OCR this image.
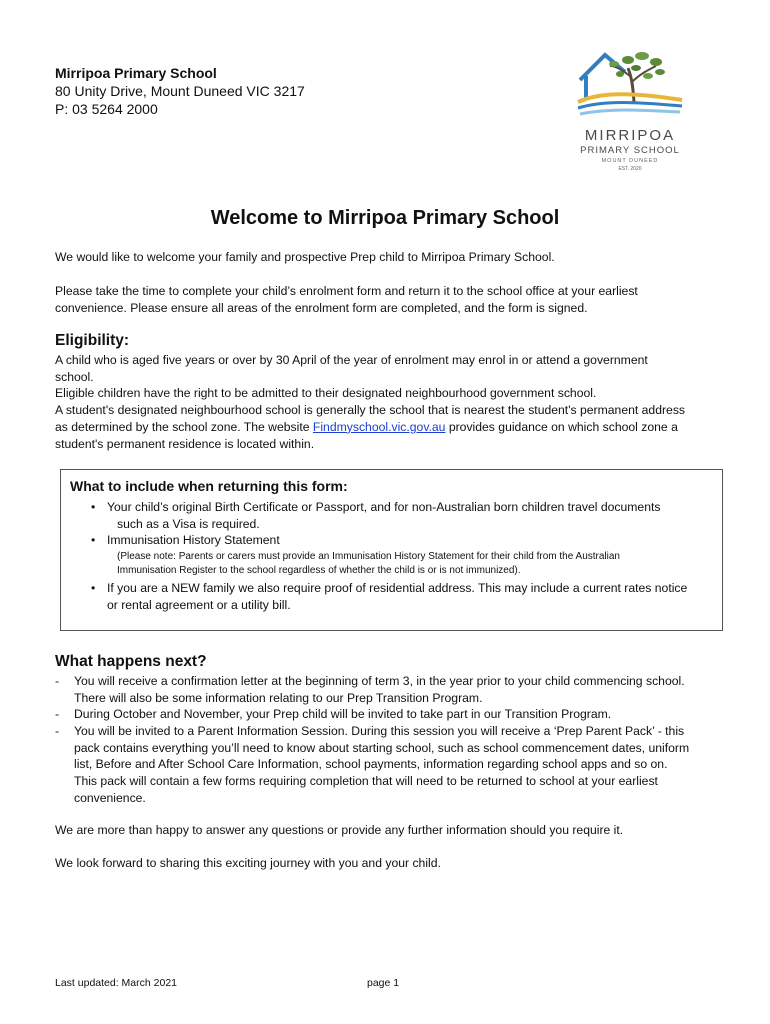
Mirripoa Primary School
80 Unity Drive, Mount Duneed VIC 3217
P: 03 5264 2000
MIRRIPOA
PRIMARY SCHOOL
MOUNT DUNEED
EST. 2020
Welcome to Mirripoa Primary School
We would like to welcome your family and prospective Prep child to Mirripoa Primary School.
Please take the time to complete your child’s enrolment form and return it to the school office at your earliest
convenience. Please ensure all areas of the enrolment form are completed, and the form is signed.
Eligibility:
A child who is aged five years or over by 30 April of the year of enrolment may enrol in or attend a government
school.
Eligible children have the right to be admitted to their designated neighbourhood government school.
A student's designated neighbourhood school is generally the school that is nearest the student's permanent address
as determined by the school zone. The website Findmyschool.vic.gov.au provides guidance on which school zone a
student's permanent residence is located within.
What to include when returning this form:
• Your child’s original Birth Certificate or Passport, and for non-Australian born children travel documents
such as a Visa is required.
• Immunisation History Statement
(Please note: Parents or carers must provide an Immunisation History Statement for their child from the Australian
Immunisation Register to the school regardless of whether the child is or is not immunized).
• If you are a NEW family we also require proof of residential address. This may include a current rates notice
or rental agreement or a utility bill.
What happens next?
- You will receive a confirmation letter at the beginning of term 3, in the year prior to your child commencing school.
There will also be some information relating to our Prep Transition Program.
- During October and November, your Prep child will be invited to take part in our Transition Program.
- You will be invited to a Parent Information Session. During this session you will receive a ‘Prep Parent Pack’ - this
pack contains everything you’ll need to know about starting school, such as school commencement dates, uniform
list, Before and After School Care Information, school payments, information regarding school apps and so on.
This pack will contain a few forms requiring completion that will need to be returned to school at your earliest
convenience.
We are more than happy to answer any questions or provide any further information should you require it.
We look forward to sharing this exciting journey with you and your child.
Last updated: March 2021	page 1
